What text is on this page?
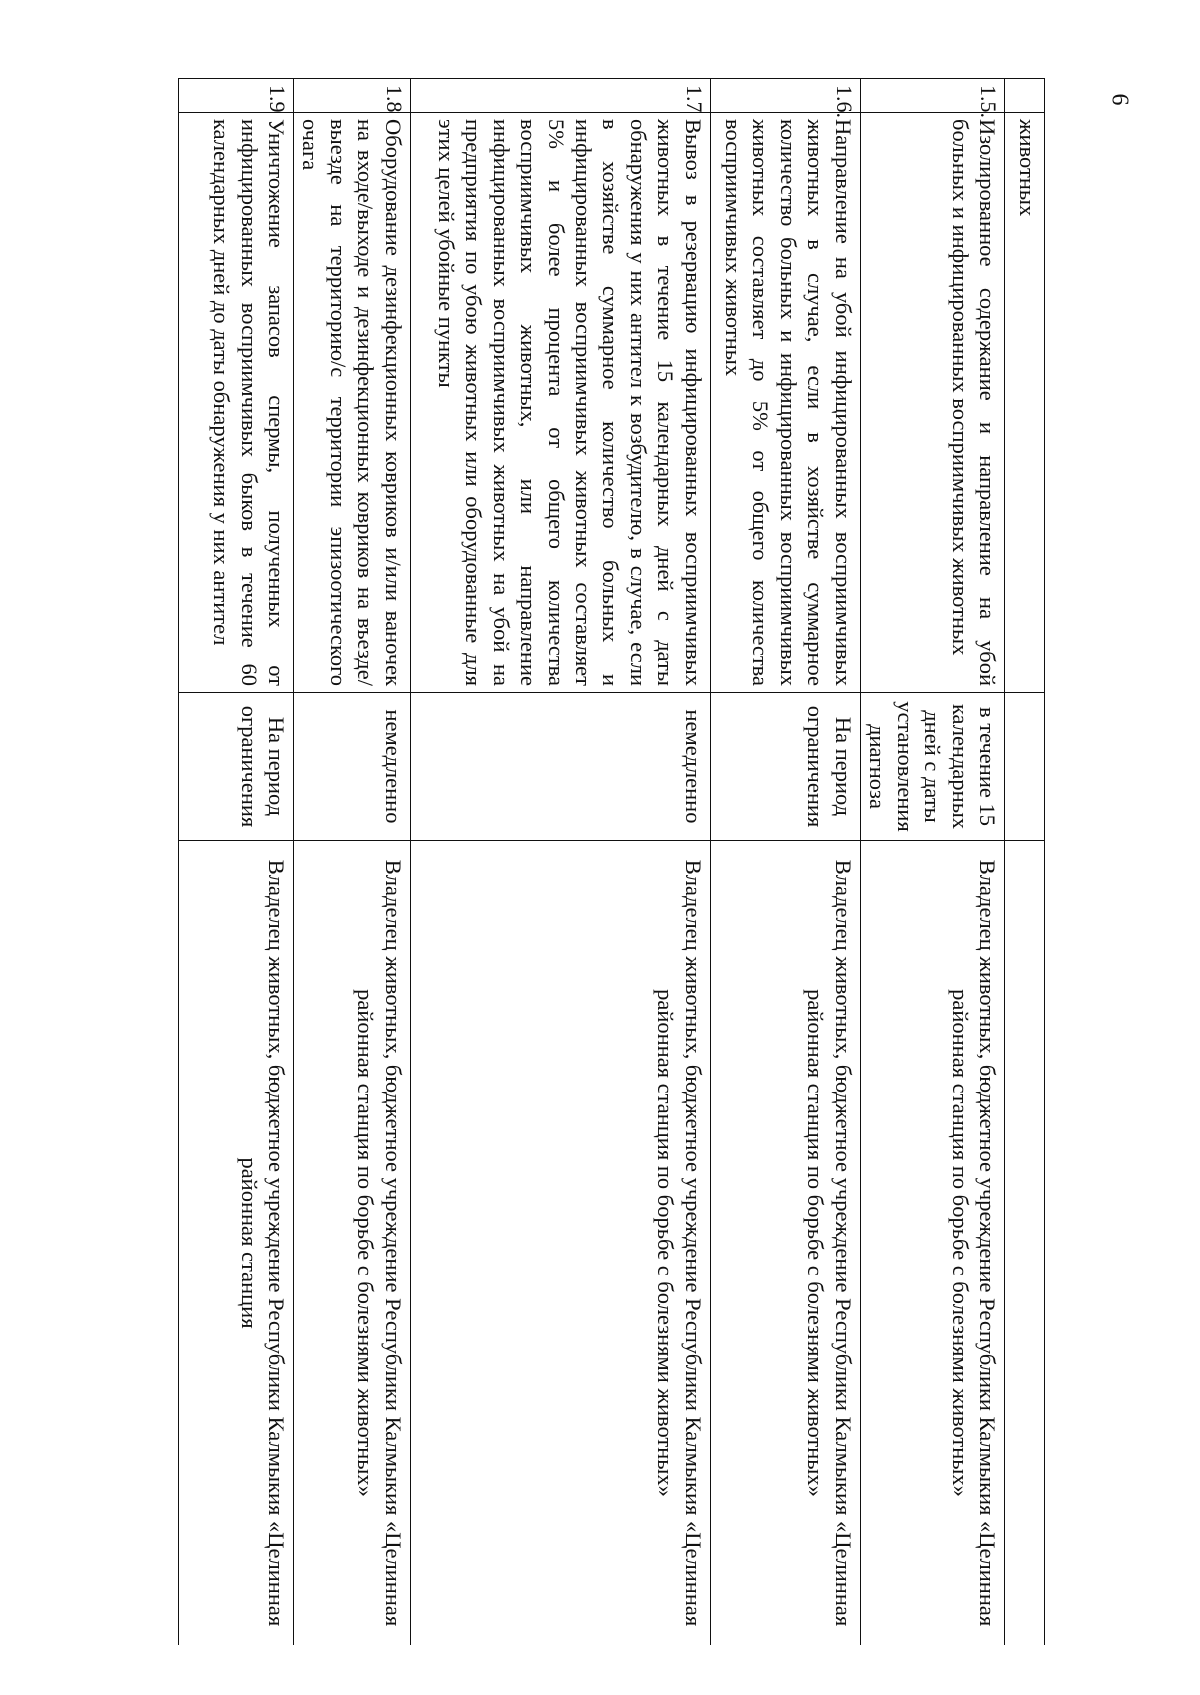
6
	животных		
1.5.	Изолированное содержание и направление на убой больных и инфицированных восприимчивых животных	в течение 15 календарных дней с даты установления диагноза	Владелец животных, бюджетное учреждение Республики Калмыкия «Целинная районная станция по борьбе с болезнями животных»
1.6.	Направление на убой инфицированных восприимчивых животных в случае, если в хозяйстве суммарное количество больных и инфицированных восприимчивых животных составляет до 5% от общего количества восприимчивых животных	На период ограничения	Владелец животных, бюджетное учреждение Республики Калмыкия «Целинная районная станция по борьбе с болезнями животных»
1.7	Вывоз в резервацию инфицированных восприимчивых животных в течение 15 календарных дней с даты обнаружения у них антител к возбудителю, в случае, если в хозяйстве суммарное количество больных и инфицированных восприимчивых животных составляет 5% и более процента от общего количества восприимчивых животных, или направление инфицированных восприимчивых животных на убой на предприятия по убою животных или оборудованные для этих целей убойные пункты	немедленно	Владелец животных, бюджетное учреждение Республики Калмыкия «Целинная районная станция по борьбе с болезнями животных»
1.8	Оборудование дезинфекционных ковриков и/или ваночек на входе/выходе и дезинфекционных ковриков на въезде/выезде на территорию/с территории эпизоотического очага	немедленно	Владелец животных, бюджетное учреждение Республики Калмыкия «Целинная районная станция по борьбе с болезнями животных»
1.9	Уничтожение запасов спермы, полученных от инфицированных восприимчивых быков в течение 60 календарных дней до даты обнаружения у них антител	На период ограничения	Владелец животных, бюджетное учреждение Республики Калмыкия «Целинная районная станция
